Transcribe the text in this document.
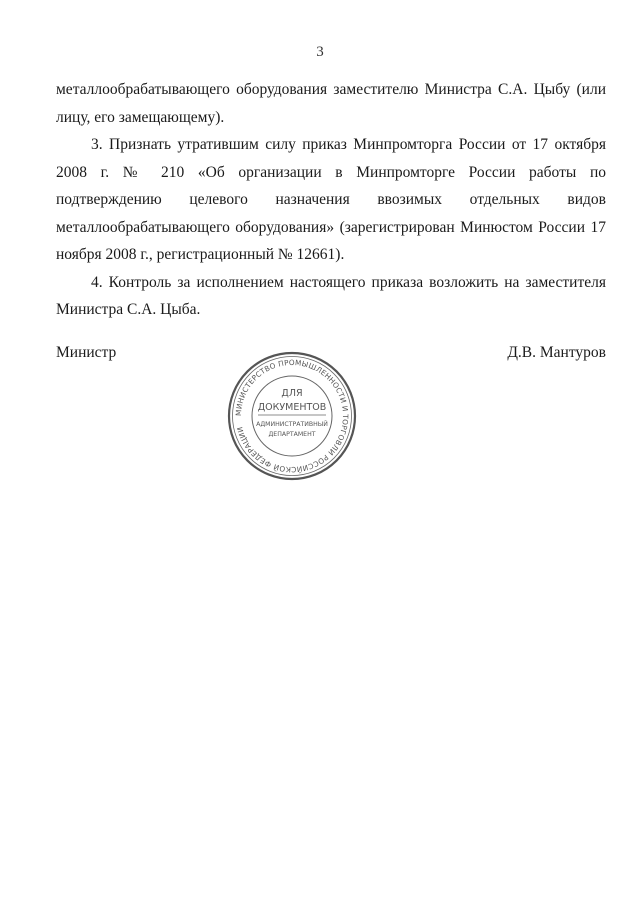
3

металлообрабатывающего оборудования заместителю Министра С.А. Цыбу (или лицу, его замещающему).

3. Признать утратившим силу приказ Минпромторга России от 17 октября 2008 г. № 210 «Об организации в Минпромторге России работы по подтверждению целевого назначения ввозимых отдельных видов металлообрабатывающего оборудования» (зарегистрирован Минюстом России 17 ноября 2008 г., регистрационный № 12661).

4. Контроль за исполнением настоящего приказа возложить на заместителя Министра С.А. Цыба.

Министр	Д.В. Мантуров
МИНИСТЕРСТВО ПРОМЫШЛЕННОСТИ И ТОРГОВЛИ РОССИЙСКОЙ ФЕДЕРАЦИИ
ДЛЯ
ДОКУМЕНТОВ
АДМИНИСТРАТИВНЫЙ
ДЕПАРТАМЕНТ
